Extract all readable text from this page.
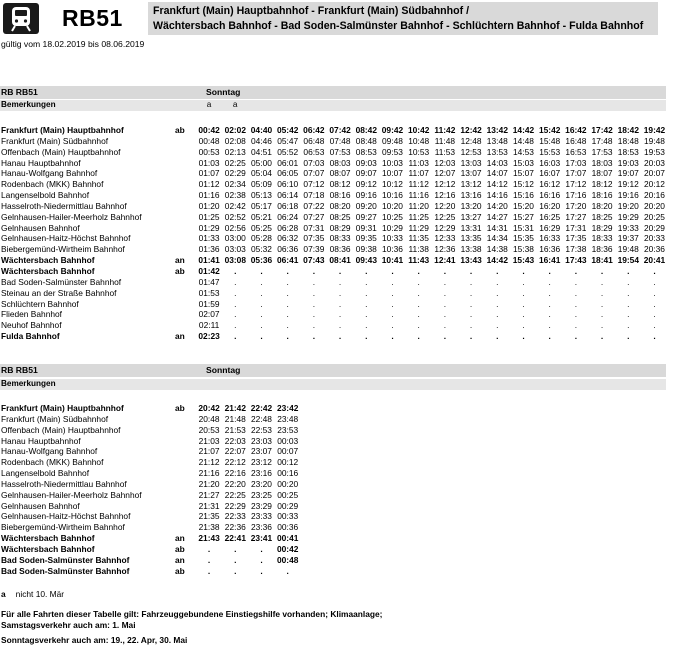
RB51	Frankfurt (Main) Hauptbahnhof - Frankfurt (Main) Südbahnhof /
Wächtersbach Bahnhof - Bad Soden-Salmünster Bahnhof - Schlüchtern Bahnhof - Fulda Bahnhof
gültig vom 18.02.2019 bis 08.06.2019
RB RB51	Sonntag
Bemerkungen	a	a
Frankfurt (Main) Hauptbahnhof	ab 00:42 02:02 04:40 05:42 06:42 07:42 08:42 09:42 10:42 11:42 12:42 13:42 14:42 15:42 16:42 17:42 18:42 19:42
Frankfurt (Main) Südbahnhof	00:48 02:08 04:46 05:47 06:48 07:48 08:48 09:48 10:48 11:48 12:48 13:48 14:48 15:48 16:48 17:48 18:48 19:48
Offenbach (Main) Hauptbahnhof	00:53 02:13 04:51 05:52 06:53 07:53 08:53 09:53 10:53 11:53 12:53 13:53 14:53 15:53 16:53 17:53 18:53 19:53
Hanau Hauptbahnhof	01:03 02:25 05:00 06:01 07:03 08:03 09:03 10:03 11:03 12:03 13:03 14:03 15:03 16:03 17:03 18:03 19:03 20:03
Hanau-Wolfgang Bahnhof	01:07 02:29 05:04 06:05 07:07 08:07 09:07 10:07 11:07 12:07 13:07 14:07 15:07 16:07 17:07 18:07 19:07 20:07
Rodenbach (MKK) Bahnhof	01:12 02:34 05:09 06:10 07:12 08:12 09:12 10:12 11:12 12:12 13:12 14:12 15:12 16:12 17:12 18:12 19:12 20:12
Langenselbold Bahnhof	01:16 02:38 05:13 06:14 07:18 08:16 09:16 10:16 11:16 12:16 13:16 14:16 15:16 16:16 17:16 18:16 19:16 20:16
Hasselroth-Niedermittlau Bahnhof	01:20 02:42 05:17 06:18 07:22 08:20 09:20 10:20 11:20 12:20 13:20 14:20 15:20 16:20 17:20 18:20 19:20 20:20
Gelnhausen-Hailer-Meerholz Bahnhof	01:25 02:52 05:21 06:24 07:27 08:25 09:27 10:25 11:25 12:25 13:27 14:27 15:27 16:25 17:27 18:25 19:29 20:25
Gelnhausen Bahnhof	01:29 02:56 05:25 06:28 07:31 08:29 09:31 10:29 11:29 12:29 13:31 14:31 15:31 16:29 17:31 18:29 19:33 20:29
Gelnhausen-Haitz-Höchst Bahnhof	01:33 03:00 05:28 06:32 07:35 08:33 09:35 10:33 11:35 12:33 13:35 14:34 15:35 16:33 17:35 18:33 19:37 20:33
Biebergemünd-Wirtheim Bahnhof	01:36 03:03 05:32 06:36 07:39 08:36 09:38 10:36 11:38 12:36 13:38 14:38 15:38 16:36 17:38 18:36 19:48 20:36
Wächtersbach Bahnhof	an 01:41 03:08 05:36 06:41 07:43 08:41 09:43 10:41 11:43 12:41 13:43 14:42 15:43 16:41 17:43 18:41 19:54 20:41
Wächtersbach Bahnhof	ab 01:42	.	.	.	.	.	.	.	.	.	.	.	.	.	.	.	.	.
Bad Soden-Salmünster Bahnhof	01:47	.	.	.	.	.	.	.	.	.	.	.	.	.	.	.	.	.
Steinau an der Straße Bahnhof	01:53	.	.	.	.	.	.	.	.	.	.	.	.	.	.	.	.	.
Schlüchtern Bahnhof	01:59	.	.	.	.	.	.	.	.	.	.	.	.	.	.	.	.	.
Flieden Bahnhof	02:07	.	.	.	.	.	.	.	.	.	.	.	.	.	.	.	.	.
Neuhof Bahnhof	02:11	.	.	.	.	.	.	.	.	.	.	.	.	.	.	.	.	.
Fulda Bahnhof	an 02:23	.	.	.	.	.	.	.	.	.	.	.	.	.	.	.	.	.
RB RB51	Sonntag
Bemerkungen
Frankfurt (Main) Hauptbahnhof	ab 20:42 21:42 22:42 23:42
Frankfurt (Main) Südbahnhof	20:48 21:48 22:48 23:48
Offenbach (Main) Hauptbahnhof	20:53 21:53 22:53 23:53
Hanau Hauptbahnhof	21:03 22:03 23:03 00:03
Hanau-Wolfgang Bahnhof	21:07 22:07 23:07 00:07
Rodenbach (MKK) Bahnhof	21:12 22:12 23:12 00:12
Langenselbold Bahnhof	21:16 22:16 23:16 00:16
Hasselroth-Niedermittlau Bahnhof	21:20 22:20 23:20 00:20
Gelnhausen-Hailer-Meerholz Bahnhof	21:27 22:25 23:25 00:25
Gelnhausen Bahnhof	21:31 22:29 23:29 00:29
Gelnhausen-Haitz-Höchst Bahnhof	21:35 22:33 23:33 00:33
Biebergemünd-Wirtheim Bahnhof	21:38 22:36 23:36 00:36
Wächtersbach Bahnhof	an 21:43 22:41 23:41 00:41
Wächtersbach Bahnhof	ab	.	.	.	00:42
Bad Soden-Salmünster Bahnhof	an	.	.	.	00:48
Bad Soden-Salmünster Bahnhof	ab	.	.	.	.
a nicht 10. Mär
Für alle Fahrten dieser Tabelle gilt: Fahrzeuggebundene Einstiegshilfe vorhanden; Klimaanlage;
Samstagsverkehr auch am: 1. Mai
Sonntagsverkehr auch am: 19., 22. Apr, 30. Mai
